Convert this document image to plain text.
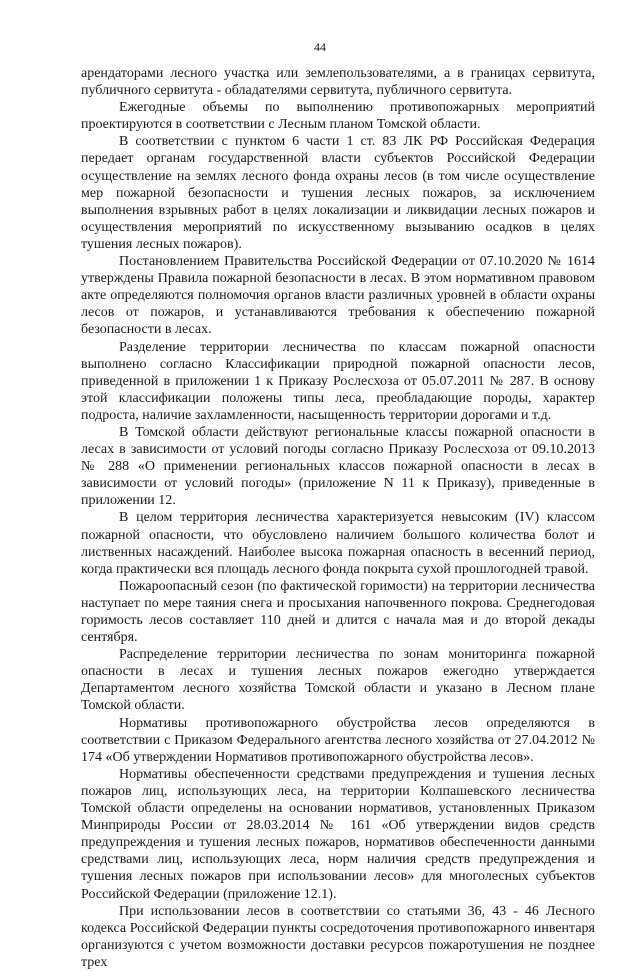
44

арендаторами лесного участка или землепользователями, а в границах сервитута, публичного сервитута - обладателями сервитута, публичного сервитута.

Ежегодные объемы по выполнению противопожарных мероприятий проектируются в соответствии с Лесным планом Томской области.

В соответствии с пунктом 6 части 1 ст. 83 ЛК РФ Российская Федерация передает органам государственной власти субъектов Российской Федерации осуществление на землях лесного фонда охраны лесов (в том числе осуществление мер пожарной безопасности и тушения лесных пожаров, за исключением выполнения взрывных работ в целях локализации и ликвидации лесных пожаров и осуществления мероприятий по искусственному вызыванию осадков в целях тушения лесных пожаров).

Постановлением Правительства Российской Федерации от 07.10.2020 № 1614 утверждены Правила пожарной безопасности в лесах. В этом нормативном правовом акте определяются полномочия органов власти различных уровней в области охраны лесов от пожаров, и устанавливаются требования к обеспечению пожарной безопасности в лесах.

Разделение территории лесничества по классам пожарной опасности выполнено согласно Классификации природной пожарной опасности лесов, приведенной в приложении 1 к Приказу Рослесхоза от 05.07.2011 № 287. В основу этой классификации положены типы леса, преобладающие породы, характер подроста, наличие захламленности, насыщенность территории дорогами и т.д.

В Томской области действуют региональные классы пожарной опасности в лесах в зависимости от условий погоды согласно Приказу Рослесхоза от 09.10.2013 № 288 «О применении региональных классов пожарной опасности в лесах в зависимости от условий погоды» (приложение N 11 к Приказу), приведенные в приложении 12.

В целом территория лесничества характеризуется невысоким (IV) классом пожарной опасности, что обусловлено наличием большого количества болот и лиственных насаждений. Наиболее высока пожарная опасность в весенний период, когда практически вся площадь лесного фонда покрыта сухой прошлогодней травой.

Пожароопасный сезон (по фактической горимости) на территории лесничества наступает по мере таяния снега и просыхания напочвенного покрова. Среднегодовая горимость лесов составляет 110 дней и длится с начала мая и до второй декады сентября.

Распределение территории лесничества по зонам мониторинга пожарной опасности в лесах и тушения лесных пожаров ежегодно утверждается Департаментом лесного хозяйства Томской области и указано в Лесном плане Томской области.

Нормативы противопожарного обустройства лесов определяются в соответствии с Приказом Федерального агентства лесного хозяйства от 27.04.2012 № 174 «Об утверждении Нормативов противопожарного обустройства лесов».

Нормативы обеспеченности средствами предупреждения и тушения лесных пожаров лиц, использующих леса, на территории Колпашевского лесничества Томской области определены на основании нормативов, установленных Приказом Минприроды России от 28.03.2014 № 161 «Об утверждении видов средств предупреждения и тушения лесных пожаров, нормативов обеспеченности данными средствами лиц, использующих леса, норм наличия средств предупреждения и тушения лесных пожаров при использовании лесов» для многолесных субъектов Российской Федерации (приложение 12.1).

При использовании лесов в соответствии со статьями 36, 43 - 46 Лесного кодекса Российской Федерации пункты сосредоточения противопожарного инвентаря организуются с учетом возможности доставки ресурсов пожаротушения не позднее трех
